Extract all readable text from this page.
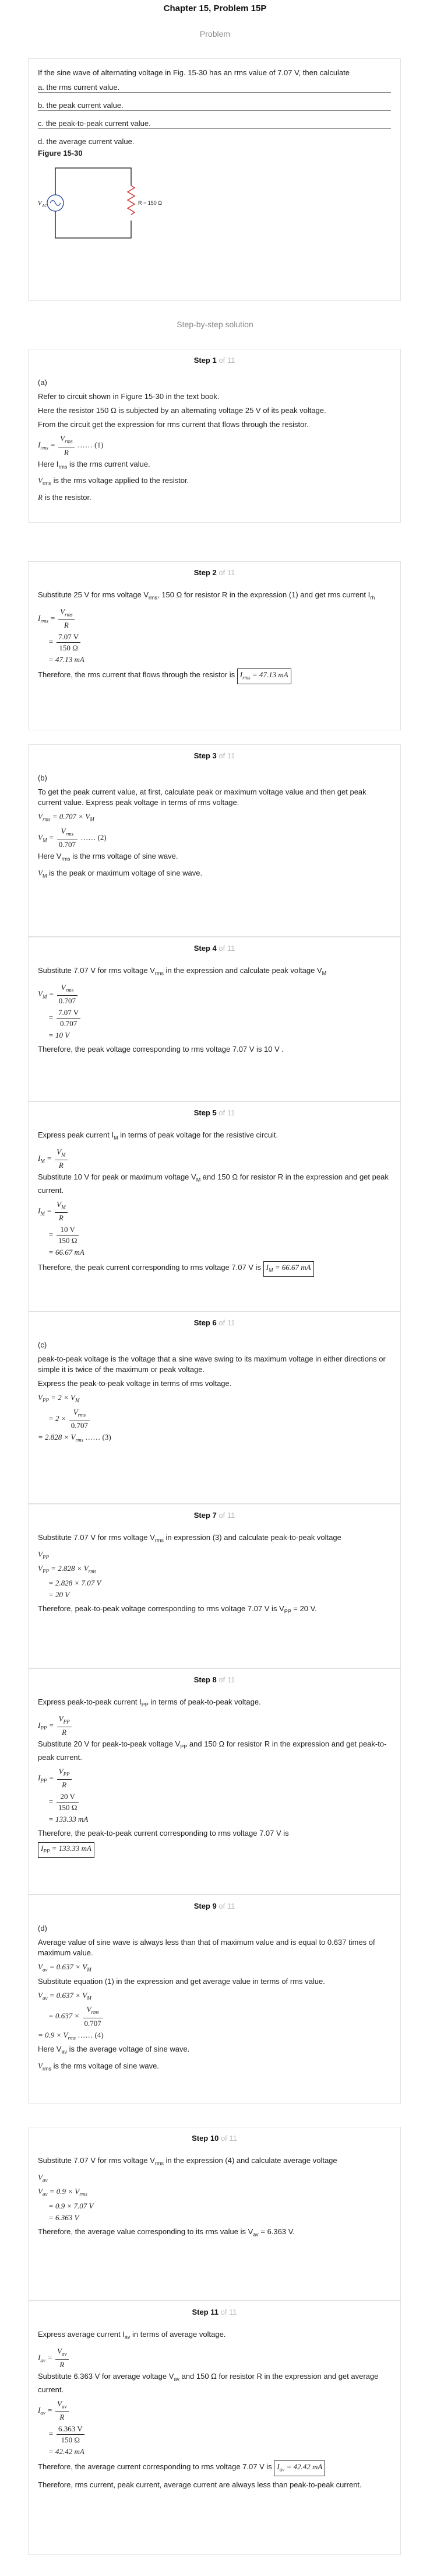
Chapter 15, Problem 15P
Problem

If the sine wave of alternating voltage in Fig. 15-30 has an rms value of 7.07 V, then calculate

a. the rms current value.
b. the peak current value.
c. the peak-to-peak current value.
d. the average current value.
Figure 15-30
V AC	R = 150 Ω
Step-by-step solution
Step 1 of 11

(a)

Refer to circuit shown in Figure 15-30 in the text book.

Here the resistor 150 Ω is subjected by an alternating voltage 25 V of its peak voltage.

From the circuit get the expression for rms current that flows through the resistor.

$I_{rms} = \frac{V_{rms}}{R}$ …… (1)

Here $I_{rms}$ is the rms current value.

$V_{rms}$ is the rms voltage applied to the resistor.

R is the resistor.

Step 2 of 11

Substitute 25 V for rms voltage $V_{rms}$, 150 Ω for resistor R in the expression (1) and get rms current $I_{rh}$

$I_{rms} = \frac{V_{rms}}{R}$
= $\frac{7.07 V}{150 \Omega}$
= 47.13 mA

Therefore, the rms current that flows through the resistor is $I_{rms} = 47.13$ mA

Step 3 of 11

(b)

To get the peak current value, at first, calculate peak or maximum voltage value and then get peak current value. Express peak voltage in terms of rms voltage.

$V_{rms} = 0.707 \times V_M$
$V_M = \frac{V_{rms}}{0.707}$ …… (2)

Here $V_{rms}$ is the rms voltage of sine wave.

$V_M$ is the peak or maximum voltage of sine wave.

Step 4 of 11

Substitute 7.07 V for rms voltage $V_{rms}$ in the expression and calculate peak voltage $V_M$

$V_M = \frac{V_{rms}}{0.707}$
= $\frac{7.07 V}{0.707}$
= 10 V

Therefore, the peak voltage corresponding to rms voltage 7.07 V is 10 V .

Step 5 of 11

Express peak current $I_M$ in terms of peak voltage for the resistive circuit.

$I_M = \frac{V_M}{R}$

Substitute 10 V for peak or maximum voltage $V_M$ and 150 Ω for resistor R in the expression and get peak current.

$I_M = \frac{V_M}{R}$
= $\frac{10 V}{150 \Omega}$
= 66.67 mA

Therefore, the peak current corresponding to rms voltage 7.07 V is $I_M = 66.67$ mA

Step 6 of 11

(c)

peak-to-peak voltage is the voltage that a sine wave swing to its maximum voltage in either directions or simple it is twice of the maximum or peak voltage.

Express the peak-to-peak voltage in terms of rms voltage.

$V_{PP} = 2 \times V_M$
= $2 \times \frac{V_{rms}}{0.707}$
= $2.828 \times V_{rms}$ …… (3)
Step 7 of 11

Substitute 7.07 V for rms voltage $V_{rms}$ in expression (3) and calculate peak-to-peak voltage

$V_{PP}$
$V_{PP} = 2.828 \times V_{rms}$
= 2.828 × 7.07 V
= 20 V

Therefore, peak-to-peak voltage corresponding to rms voltage 7.07 V is $V_{PP} = 20$ V.

Step 8 of 11

Express peak-to-peak current $I_{PP}$ in terms of peak-to-peak voltage.

$I_{PP} = \frac{V_{PP}}{R}$

Substitute 20 V for peak-to-peak voltage $V_{PP}$ and 150 Ω for resistor R in the expression and get peak-to-peak current.

$I_{PP} = \frac{V_{PP}}{R}$
= $\frac{20 V}{150 \Omega}$
= 133.33 mA

Therefore, the peak-to-peak current corresponding to rms voltage 7.07 V is

$I_{PP} = 133.33$ mA
Step 9 of 11

(d)

Average value of sine wave is always less than that of maximum value and is equal to 0.637 times of maximum value.

$V_{av} = 0.637 \times V_M$

Substitute equation (1) in the expression and get average value in terms of rms value.

$V_{av} = 0.637 \times V_M$
= $0.637 \times \frac{V_{rms}}{0.707}$
= $0.9 \times V_{rms}$ …… (4)

Here $V_{av}$ is the average voltage of sine wave.

$V_{rms}$ is the rms voltage of sine wave.

Step 10 of 11

Substitute 7.07 V for rms voltage $V_{rms}$ in the expression (4) and calculate average voltage

$V_{av}$
$V_{av} = 0.9 \times V_{rms}$
= 0.9 × 7.07 V
= 6.363 V

Therefore, the average value corresponding to its rms value is $V_{av} = 6.363$ V.

Step 11 of 11

Express average current $I_{av}$ in terms of average voltage.

$I_{av} = \frac{V_{av}}{R}$

Substitute 6.363 V for average voltage $V_{av}$ and 150 Ω for resistor R in the expression and get average current.

$I_{av} = \frac{V_{av}}{R}$
= $\frac{6.363 V}{150 \Omega}$
= 42.42 mA

Therefore, the average current corresponding to rms voltage 7.07 V is $I_{av} = 42.42$ mA

Therefore, rms current, peak current, average current are always less than peak-to-peak current.
